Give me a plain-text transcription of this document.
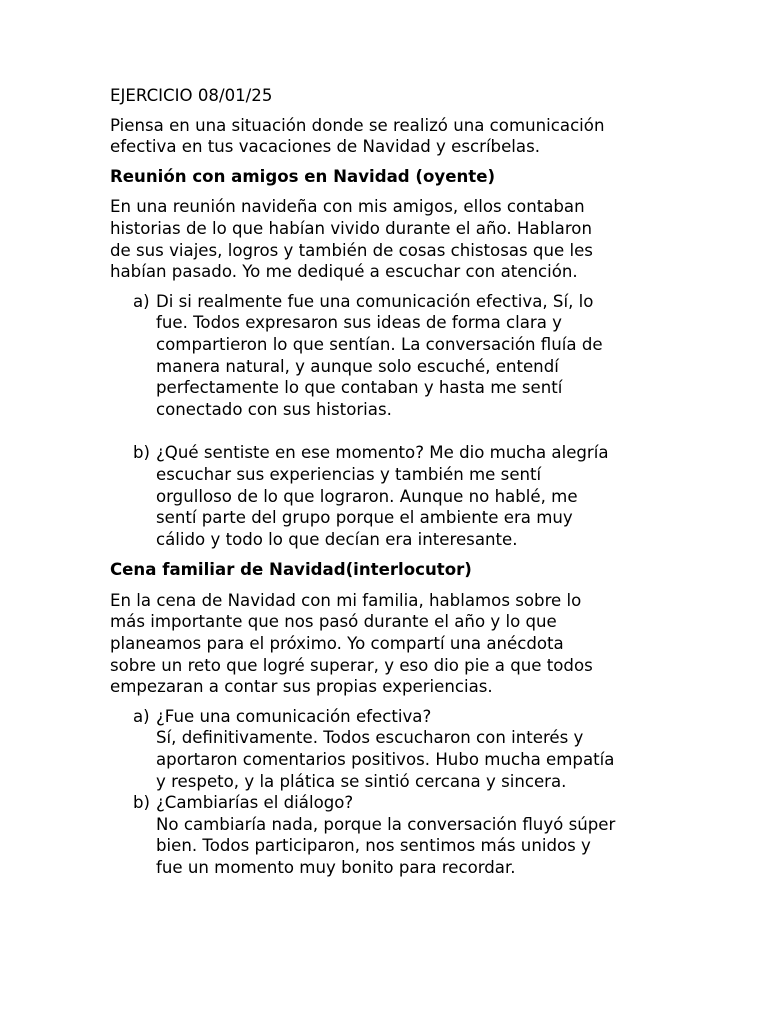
EJERCICIO 08/01/25

Piensa en una situación donde se realizó una comunicación

efectiva en tus vacaciones de Navidad y escríbelas.

Reunión con amigos en Navidad (oyente)

En una reunión navideña con mis amigos, ellos contaban

historias de lo que habían vivido durante el año. Hablaron

de sus viajes, logros y también de cosas chistosas que les

habían pasado. Yo me dediqué a escuchar con atención.

a) Di si realmente fue una comunicación efectiva, Sí, lo

fue. Todos expresaron sus ideas de forma clara y

compartieron lo que sentían. La conversación fluía de

manera natural, y aunque solo escuché, entendí

perfectamente lo que contaban y hasta me sentí

conectado con sus historias.

b) ¿Qué sentiste en ese momento? Me dio mucha alegría

escuchar sus experiencias y también me sentí

orgulloso de lo que lograron. Aunque no hablé, me

sentí parte del grupo porque el ambiente era muy

cálido y todo lo que decían era interesante.

Cena familiar de Navidad(interlocutor)

En la cena de Navidad con mi familia, hablamos sobre lo

más importante que nos pasó durante el año y lo que

planeamos para el próximo. Yo compartí una anécdota

sobre un reto que logré superar, y eso dio pie a que todos

empezaran a contar sus propias experiencias.

a) ¿Fue una comunicación efectiva?

Sí, definitivamente. Todos escucharon con interés y

aportaron comentarios positivos. Hubo mucha empatía

y respeto, y la plática se sintió cercana y sincera.

b) ¿Cambiarías el diálogo?

No cambiaría nada, porque la conversación fluyó súper

bien. Todos participaron, nos sentimos más unidos y

fue un momento muy bonito para recordar.
